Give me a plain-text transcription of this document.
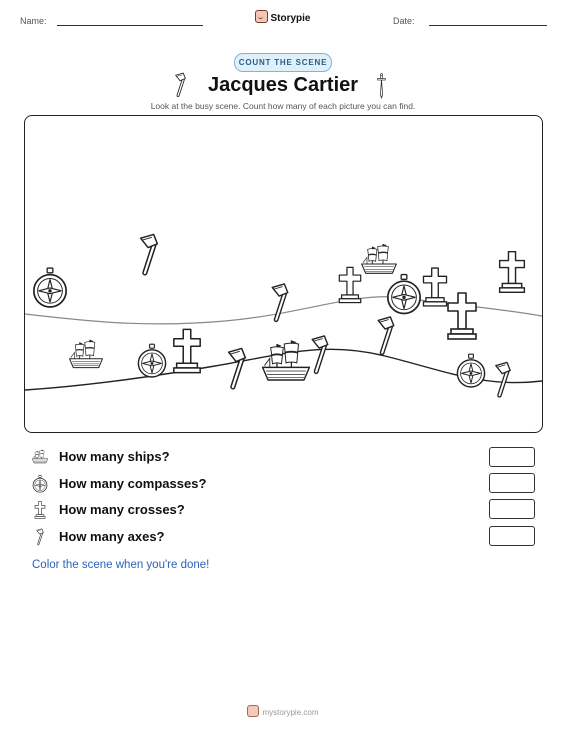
Name:	Storypie	Date:
COUNT THE SCENE
Jacques Cartier
Look at the busy scene. Count how many of each picture you can find.
How many ships?
How many compasses?
How many crosses?
How many axes?
Color the scene when you're done!
mystorypie.com
